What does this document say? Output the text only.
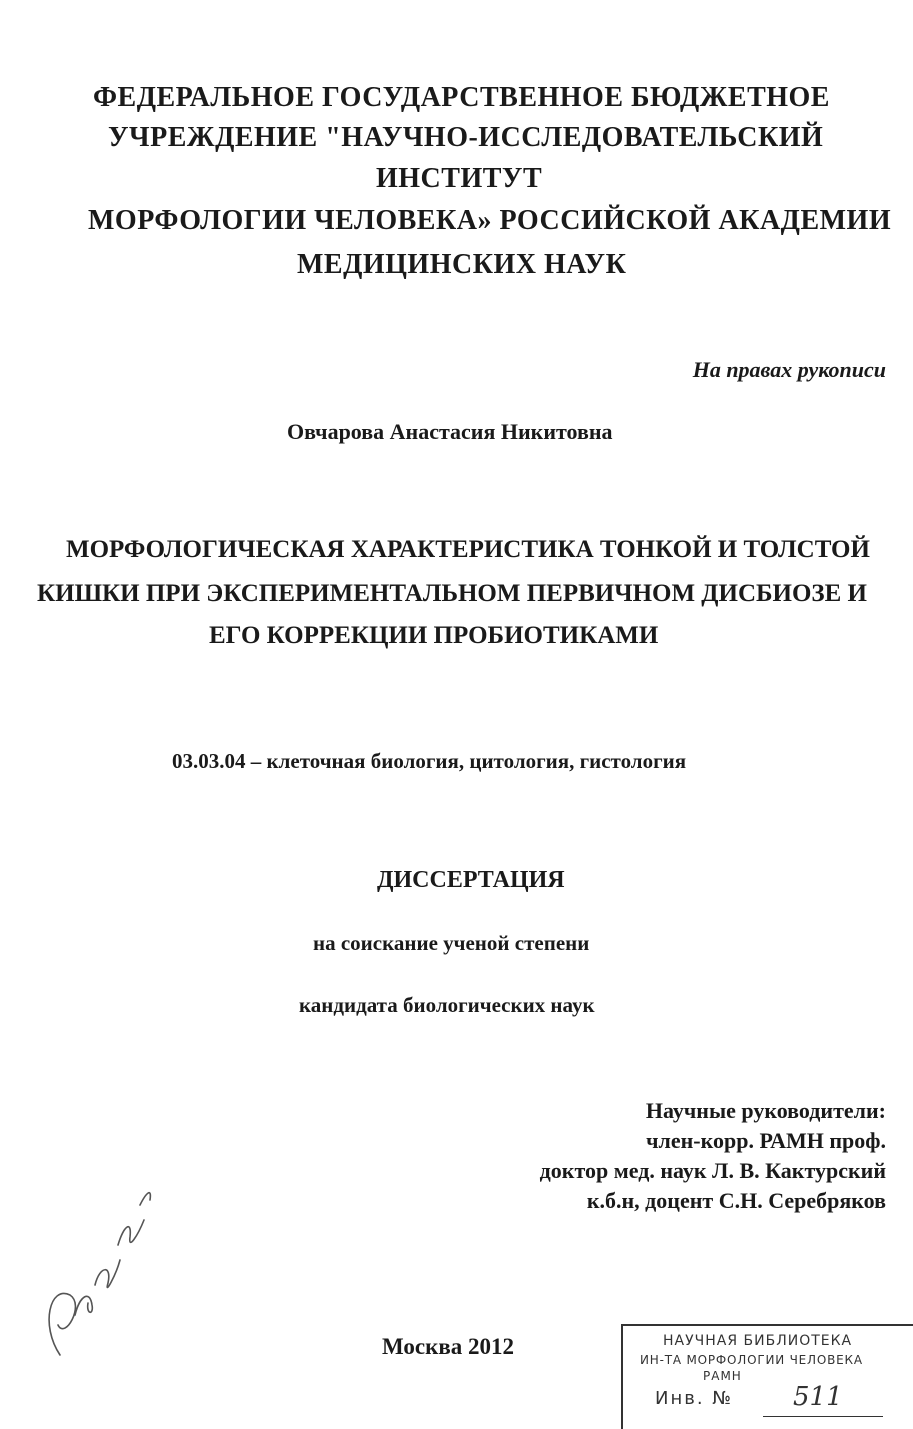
ФЕДЕРАЛЬНОЕ ГОСУДАРСТВЕННОЕ БЮДЖЕТНОЕ
УЧРЕЖДЕНИЕ "НАУЧНО-ИССЛЕДОВАТЕЛЬСКИЙ
ИНСТИТУТ
МОРФОЛОГИИ ЧЕЛОВЕКА» РОССИЙСКОЙ АКАДЕМИИ
МЕДИЦИНСКИХ НАУК
На правах рукописи
Овчарова Анастасия Никитовна
МОРФОЛОГИЧЕСКАЯ ХАРАКТЕРИСТИКА ТОНКОЙ И ТОЛСТОЙ
КИШКИ ПРИ ЭКСПЕРИМЕНТАЛЬНОМ ПЕРВИЧНОМ ДИСБИОЗЕ И
ЕГО КОРРЕКЦИИ ПРОБИОТИКАМИ
03.03.04 – клеточная биология, цитология, гистология
ДИССЕРТАЦИЯ
на соискание ученой степени
кандидата биологических наук
Научные руководители:
член-корр. РАМН проф.
доктор мед. наук Л. В. Кактурский
к.б.н, доцент С.Н. Серебряков
Москва 2012	НАУЧНАЯ БИБЛИОТЕКА
ИН-ТА МОРФОЛОГИИ ЧЕЛОВЕКА
РАМН
Инв. № 511
